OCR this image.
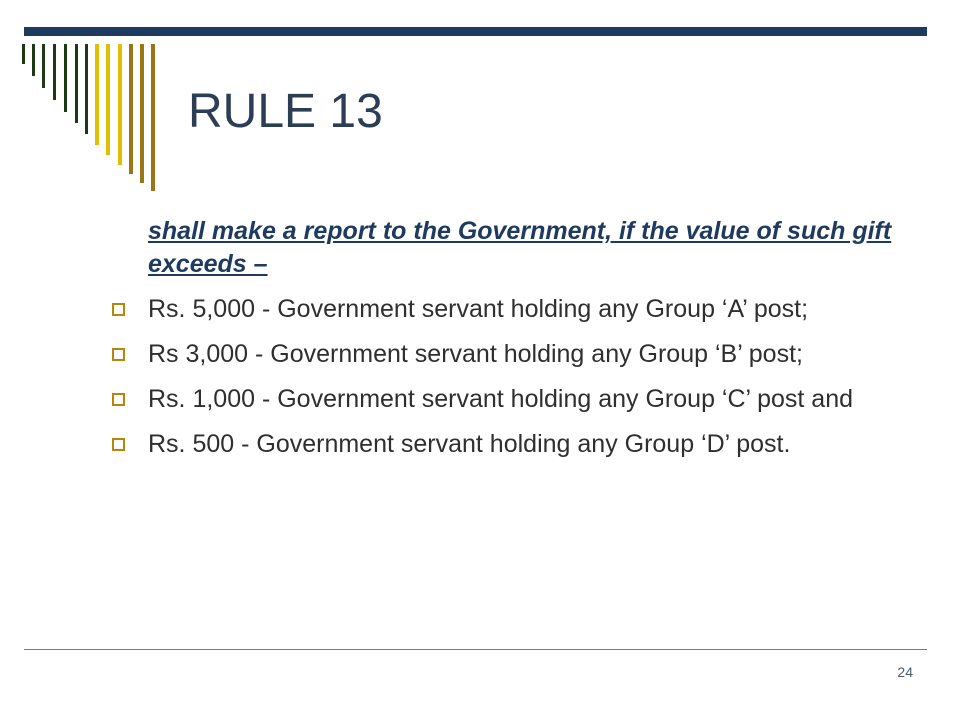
RULE 13
shall make a report to the Government, if the value of such gift exceeds –
Rs. 5,000 - Government servant holding any Group ‘A’ post;
Rs 3,000 - Government servant holding any Group ‘B’ post;
Rs. 1,000 - Government servant holding any Group ‘C’ post and
Rs. 500 - Government servant holding any Group ‘D’ post.
24
